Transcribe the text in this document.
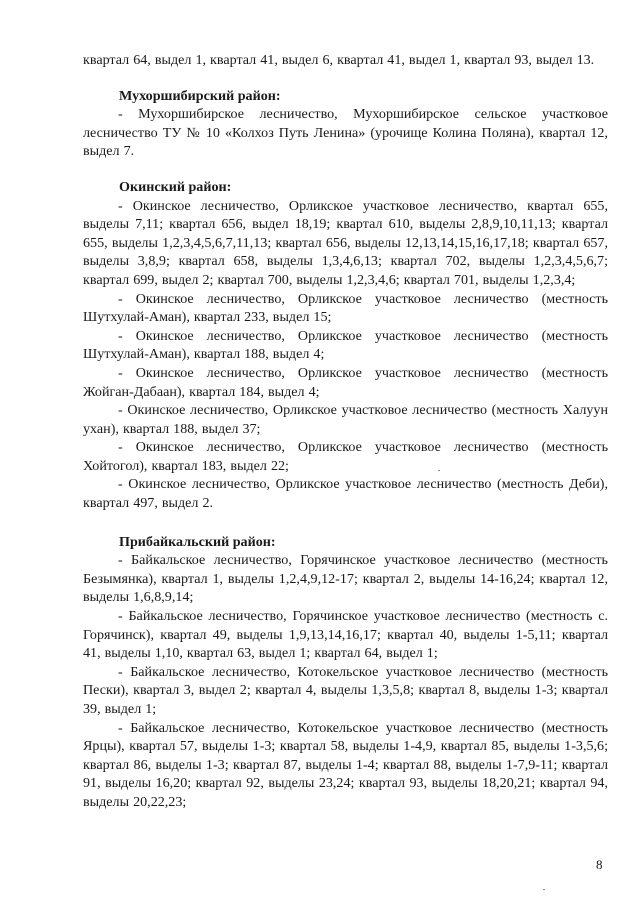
квартал 64, выдел 1, квартал 41, выдел 6, квартал 41, выдел 1, квартал 93, выдел 13.

Мухоршибирский район:

- Мухоршибирское лесничество, Мухоршибирское сельское участковое лесничество ТУ № 10 «Колхоз Путь Ленина» (урочище Колина Поляна), квартал 12, выдел 7.

Окинский район:

- Окинское лесничество, Орликское участковое лесничество, квартал 655, выделы 7,11; квартал 656, выдел 18,19; квартал 610, выделы 2,8,9,10,11,13; квартал 655, выделы 1,2,3,4,5,6,7,11,13; квартал 656, выделы 12,13,14,15,16,17,18; квартал 657, выделы 3,8,9; квартал 658, выделы 1,3,4,6,13; квартал 702, выделы 1,2,3,4,5,6,7; квартал 699, выдел 2; квартал 700, выделы 1,2,3,4,6; квартал 701, выделы 1,2,3,4;

- Окинское лесничество, Орликское участковое лесничество (местность Шутхулай-Аман), квартал 233, выдел 15;

- Окинское лесничество, Орликское участковое лесничество (местность Шутхулай-Аман), квартал 188, выдел 4;

- Окинское лесничество, Орликское участковое лесничество (местность Жойган-Дабаан), квартал 184, выдел 4;

- Окинское лесничество, Орликское участковое лесничество (местность Халуун ухан), квартал 188, выдел 37;

- Окинское лесничество, Орликское участковое лесничество (местность Хойтогол), квартал 183, выдел 22;

- Окинское лесничество, Орликское участковое лесничество (местность Деби), квартал 497, выдел 2.

Прибайкальский район:

- Байкальское лесничество, Горячинское участковое лесничество (местность Безымянка), квартал 1, выделы 1,2,4,9,12-17; квартал 2, выделы 14-16,24; квартал 12, выделы 1,6,8,9,14;

- Байкальское лесничество, Горячинское участковое лесничество (местность с. Горячинск), квартал 49, выделы 1,9,13,14,16,17; квартал 40, выделы 1-5,11; квартал 41, выделы 1,10, квартал 63, выдел 1; квартал 64, выдел 1;

- Байкальское лесничество, Котокельское участковое лесничество (местность Пески), квартал 3, выдел 2; квартал 4, выделы 1,3,5,8; квартал 8, выделы 1-3; квартал 39, выдел 1;

- Байкальское лесничество, Котокельское участковое лесничество (местность Ярцы), квартал 57, выделы 1-3; квартал 58, выделы 1-4,9, квартал 85, выделы 1-3,5,6; квартал 86, выделы 1-3; квартал 87, выделы 1-4; квартал 88, выделы 1-7,9-11; квартал 91, выделы 16,20; квартал 92, выделы 23,24; квартал 93, выделы 18,20,21; квартал 94, выделы 20,22,23;

8
